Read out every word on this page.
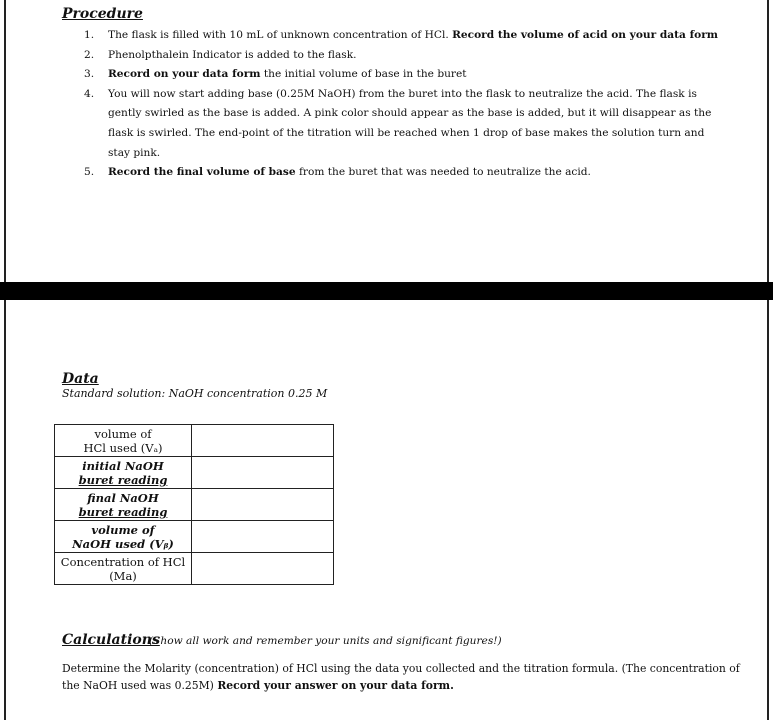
Procedure
1. The flask is filled with 10 mL of unknown concentration of HCl. Record the volume of acid on your data form
2. Phenolpthalein Indicator is added to the flask.
3. Record on your data form the initial volume of base in the buret
4. You will now start adding base (0.25M NaOH) from the buret into the flask to neutralize the acid. The flask is gently swirled as the base is added. A pink color should appear as the base is added, but it will disappear as the flask is swirled. The end-point of the titration will be reached when 1 drop of base makes the solution turn and stay pink.
5. Record the final volume of base from the buret that was needed to neutralize the acid.
Data
Standard solution: NaOH concentration 0.25 M
volume of
HCl used (Vₐ)	

initial NaOH
buret reading	

final NaOH
buret reading	

volume of
NaOH used (Vᵦ)	

Concentration of HCl
(Ma)	

Calculations
(Show all work and remember your units and significant figures!)
Determine the Molarity (concentration) of HCl using the data you collected and the titration formula. (The concentration of the NaOH used was 0.25M) Record your answer on your data form.
